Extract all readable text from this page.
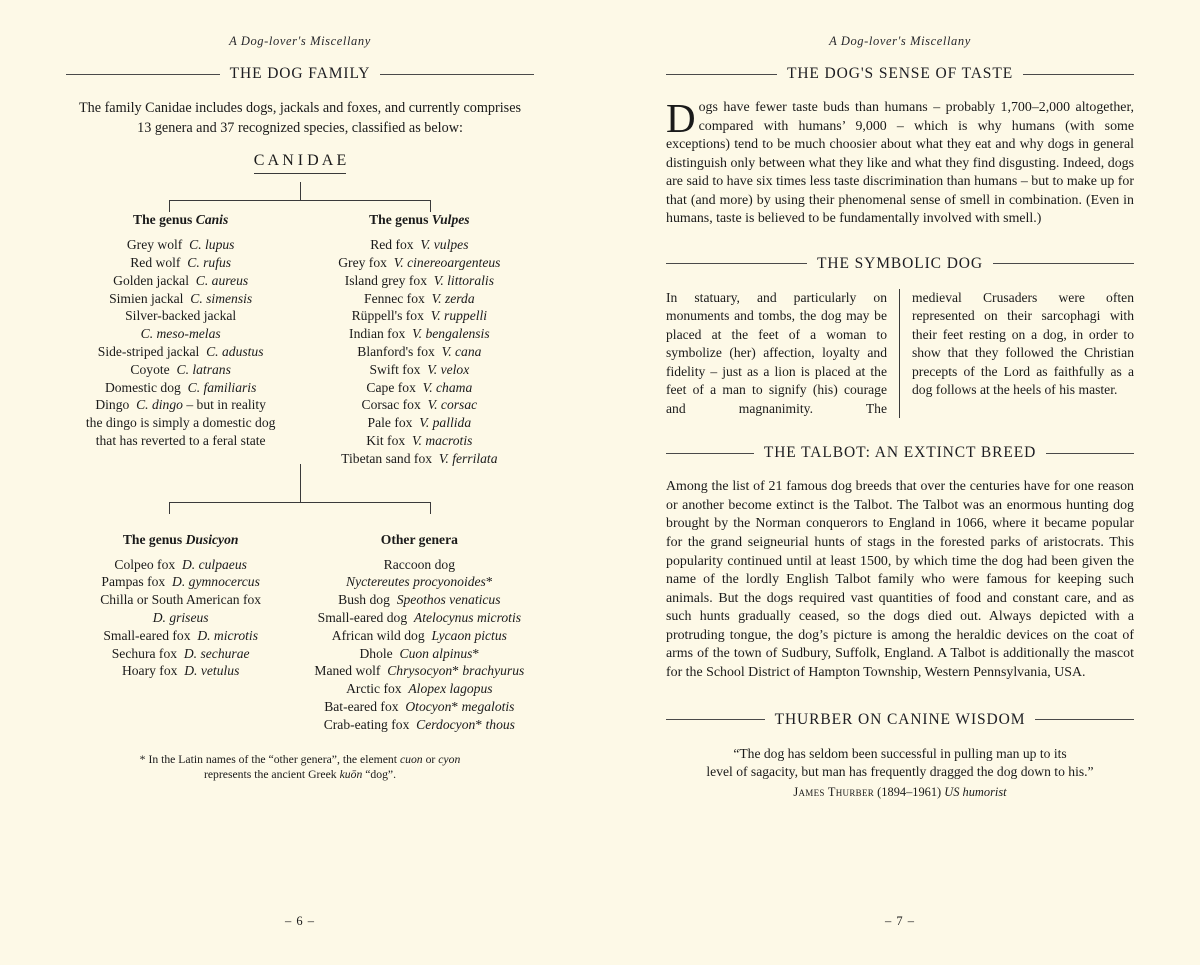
A Dog-lover's Miscellany
THE DOG FAMILY
The family Canidae includes dogs, jackals and foxes, and currently comprises 13 genera and 37 recognized species, classified as below:
C A N I D A E
The genus Canis
Grey wolf C. lupus
Red wolf C. rufus
Golden jackal C. aureus
Simien jackal C. simensis
Silver-backed jackal
C. meso-melas
Side-striped jackal C. adustus
Coyote C. latrans
Domestic dog C. familiaris
Dingo C. dingo – but in reality
the dingo is simply a domestic dog
that has reverted to a feral state
The genus Vulpes
Red fox V. vulpes
Grey fox V. cinereoargenteus
Island grey fox V. littoralis
Fennec fox V. zerda
Rüppell's fox V. ruppelli
Indian fox V. bengalensis
Blanford's fox V. cana
Swift fox V. velox
Cape fox V. chama
Corsac fox V. corsac
Pale fox V. pallida
Kit fox V. macrotis
Tibetan sand fox V. ferrilata
The genus Dusicyon
Colpeo fox D. culpaeus
Pampas fox D. gymnocercus
Chilla or South American fox
D. griseus
Small-eared fox D. microtis
Sechura fox D. sechurae
Hoary fox D. vetulus
Other genera
Raccoon dog
Nyctereutes procyonoides*
Bush dog Speothos venaticus
Small-eared dog Atelocynus microtis
African wild dog Lycaon pictus
Dhole Cuon alpinus*
Maned wolf Chrysocyon* brachyurus
Arctic fox Alopex lagopus
Bat-eared fox Otocyon* megalotis
Crab-eating fox Cerdocyon* thous
* In the Latin names of the “other genera”, the element cuon or cyon
represents the ancient Greek kuōn “dog”.
– 6 –
A Dog-lover's Miscellany
THE DOG'S SENSE OF TASTE
Dogs have fewer taste buds than humans – probably 1,700–2,000 altogether, compared with humans’ 9,000 – which is why humans (with some exceptions) tend to be much choosier about what they eat and why dogs in general distinguish only between what they like and what they find disgusting. Indeed, dogs are said to have six times less taste discrimination than humans – but to make up for that (and more) by using their phenomenal sense of smell in combination. (Even in humans, taste is believed to be fundamentally involved with smell.)
THE SYMBOLIC DOG
In statuary, and particularly on monuments and tombs, the dog may be placed at the feet of a woman to symbolize (her) affection, loyalty and fidelity – just as a lion is placed at the feet of a man to signify (his) courage and magnanimity. The
medieval Crusaders were often represented on their sarcophagi with their feet resting on a dog, in order to show that they followed the Christian precepts of the Lord as faithfully as a dog follows at the heels of his master.
THE TALBOT: AN EXTINCT BREED
Among the list of 21 famous dog breeds that over the centuries have for one reason or another become extinct is the Talbot. The Talbot was an enormous hunting dog brought by the Norman conquerors to England in 1066, where it became popular for the grand seigneurial hunts of stags in the forested parks of aristocrats. This popularity continued until at least 1500, by which time the dog had been given the name of the lordly English Talbot family who were famous for keeping such animals. But the dogs required vast quantities of food and constant care, and as such hunts gradually ceased, so the dogs died out. Always depicted with a protruding tongue, the dog’s picture is among the heraldic devices on the coat of arms of the town of Sudbury, Suffolk, England. A Talbot is additionally the mascot for the School District of Hampton Township, Western Pennsylvania, USA.
THURBER ON CANINE WISDOM
“The dog has seldom been successful in pulling man up to its
level of sagacity, but man has frequently dragged the dog down to his.”
James Thurber (1894–1961) US humorist
– 7 –
